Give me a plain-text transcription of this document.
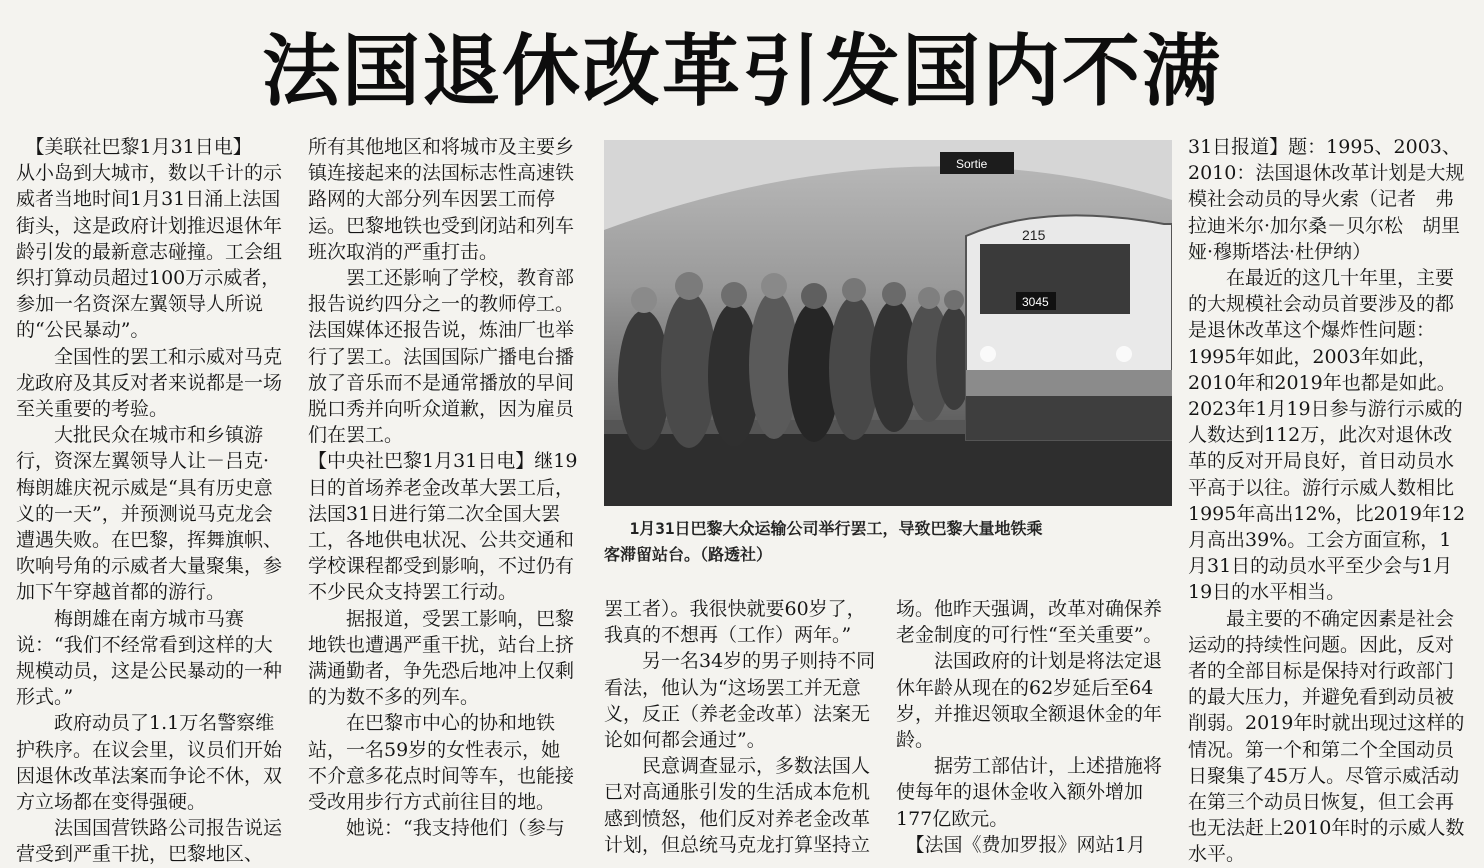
法国退休改革引发国内不满

【美联社巴黎1月31日电】

从小岛到大城市，数以千计的示威者当地时间1月31日涌上法国街头，这是政府计划推迟退休年龄引发的最新意志碰撞。工会组织打算动员超过100万示威者，参加一名资深左翼领导人所说的“公民暴动”。

全国性的罢工和示威对马克龙政府及其反对者来说都是一场至关重要的考验。

大批民众在城市和乡镇游行，资深左翼领导人让－吕克·梅朗雄庆祝示威是“具有历史意义的一天”，并预测说马克龙会遭遇失败。在巴黎，挥舞旗帜、吹响号角的示威者大量聚集，参加下午穿越首都的游行。

梅朗雄在南方城市马赛说：“我们不经常看到这样的大规模动员，这是公民暴动的一种形式。”

政府动员了1.1万名警察维护秩序。在议会里，议员们开始因退休改革法案而争论不休，双方立场都在变得强硬。

法国国营铁路公司报告说运营受到严重干扰，巴黎地区、

所有其他地区和将城市及主要乡镇连接起来的法国标志性高速铁路网的大部分列车因罢工而停运。巴黎地铁也受到闭站和列车班次取消的严重打击。

罢工还影响了学校，教育部报告说约四分之一的教师停工。法国媒体还报告说，炼油厂也举行了罢工。法国国际广播电台播放了音乐而不是通常播放的早间脱口秀并向听众道歉，因为雇员们在罢工。

【中央社巴黎1月31日电】继19日的首场养老金改革大罢工后，法国31日进行第二次全国大罢工，各地供电状况、公共交通和学校课程都受到影响，不过仍有不少民众支持罢工行动。

据报道，受罢工影响，巴黎地铁也遭遇严重干扰，站台上挤满通勤者，争先恐后地冲上仅剩的为数不多的列车。

在巴黎市中心的协和地铁站，一名59岁的女性表示，她不介意多花点时间等车，也能接受改用步行方式前往目的地。

她说：“我支持他们（参与

Sortie
215
3045
1月31日巴黎大众运输公司举行罢工，导致巴黎大量地铁乘
客滞留站台。（路透社）

罢工者）。我很快就要60岁了，我真的不想再（工作）两年。”

另一名34岁的男子则持不同看法，他认为“这场罢工并无意义，反正（养老金改革）法案无论如何都会通过”。

民意调查显示，多数法国人已对高通胀引发的生活成本危机感到愤怒，他们反对养老金改革计划，但总统马克龙打算坚持立

场。他昨天强调，改革对确保养老金制度的可行性“至关重要”。

法国政府的计划是将法定退休年龄从现在的62岁延后至64岁，并推迟领取全额退休金的年龄。

据劳工部估计，上述措施将使每年的退休金收入额外增加177亿欧元。

【法国《费加罗报》网站1月

31日报道】题：1995、2003、2010：法国退休改革计划是大规模社会动员的导火索（记者　弗拉迪米尔·加尔桑－贝尔松　胡里娅·穆斯塔法·杜伊纳）

在最近的这几十年里，主要的大规模社会动员首要涉及的都是退休改革这个爆炸性问题：1995年如此，2003年如此，2010年和2019年也都是如此。2023年1月19日参与游行示威的人数达到112万，此次对退休改革的反对开局良好，首日动员水平高于以往。游行示威人数相比1995年高出12%，比2019年12月高出39%。工会方面宣称，1月31日的动员水平至少会与1月19日的水平相当。

最主要的不确定因素是社会运动的持续性问题。因此，反对者的全部目标是保持对行政部门的最大压力，并避免看到动员被削弱。2019年时就出现过这样的情况。第一个和第二个全国动员日聚集了45万人。尽管示威活动在第三个动员日恢复，但工会再也无法赶上2010年时的示威人数水平。
